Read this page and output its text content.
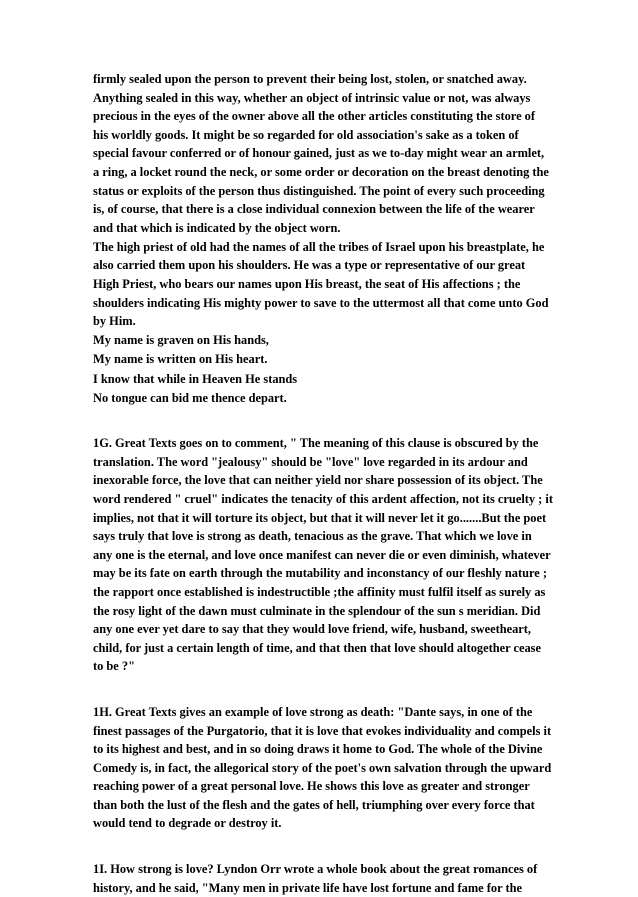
firmly sealed upon the person to prevent their being lost, stolen, or snatched away. Anything sealed in this way, whether an object of intrinsic value or not, was always precious in the eyes of the owner above all the other articles constituting the store of his worldly goods. It might be so regarded for old association's sake as a token of special favour conferred or of honour gained, just as we to-day might wear an armlet, a ring, a locket round the neck, or some order or decoration on the breast denoting the status or exploits of the person thus distinguished. The point of every such proceeding is, of course, that there is a close individual connexion between the life of the wearer and that which is indicated by the object worn.

The high priest of old had the names of all the tribes of Israel upon his breastplate, he also carried them upon his shoulders. He was a type or representative of our great High Priest, who bears our names upon His breast, the seat of His affections ; the shoulders indicating His mighty power to save to the uttermost all that come unto God by Him.

My name is graven on His hands,

My name is written on His heart.

I know that while in Heaven He stands

No tongue can bid me thence depart.

1G. Great Texts goes on to comment, " The meaning of this clause is obscured by the translation. The word "jealousy" should be "love" love regarded in its ardour and inexorable force, the love that can neither yield nor share possession of its object. The word rendered " cruel" indicates the tenacity of this ardent affection, not its cruelty ; it implies, not that it will torture its object, but that it will never let it go.......But the poet says truly that love is strong as death, tenacious as the grave. That which we love in any one is the eternal, and love once manifest can never die or even diminish, whatever may be its fate on earth through the mutability and inconstancy of our fleshly nature ; the rapport once established is indestructible ;the affinity must fulfil itself as surely as the rosy light of the dawn must culminate in the splendour of the sun s meridian. Did any one ever yet dare to say that they would love friend, wife, husband, sweetheart, child, for just a certain length of time, and that then that love should altogether cease to be ?"

1H. Great Texts gives an example of love strong as death: "Dante says, in one of the finest passages of the Purgatorio, that it is love that evokes individuality and compels it to its highest and best, and in so doing draws it home to God. The whole of the Divine Comedy is, in fact, the allegorical story of the poet's own salvation through the upward reaching power of a great personal love. He shows this love as greater and stronger than both the lust of the flesh and the gates of hell, triumphing over every force that would tend to degrade or destroy it.

1I. How strong is love? Lyndon Orr wrote a whole book about the great romances of history, and he said, "Many men in private life have lost fortune and fame for the
